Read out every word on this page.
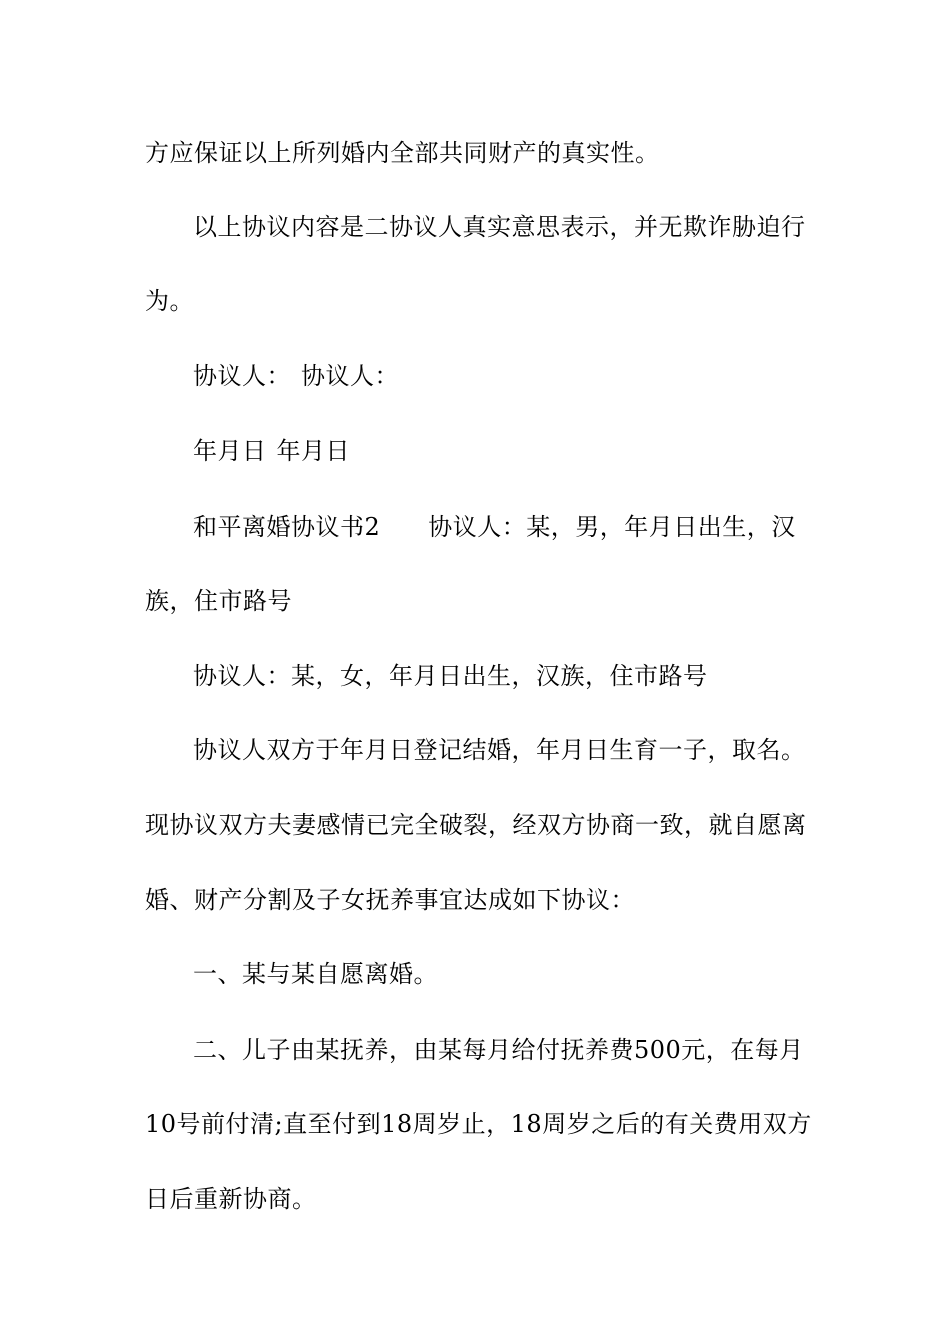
方应保证以上所列婚内全部共同财产的真实性。
以上协议内容是二协议人真实意思表示，并无欺诈胁迫行
为。
协议人： 协议人：
年月日 年月日
和平离婚协议书2 协议人：某，男，年月日出生，汉
族，住市路号
协议人：某，女，年月日出生，汉族，住市路号
协议人双方于年月日登记结婚，年月日生育一子，取名。
现协议双方夫妻感情已完全破裂，经双方协商一致，就自愿离
婚、财产分割及子女抚养事宜达成如下协议：
一、某与某自愿离婚。
二、儿子由某抚养，由某每月给付抚养费500元，在每月
10号前付清;直至付到18周岁止，18周岁之后的有关费用双方
日后重新协商。
